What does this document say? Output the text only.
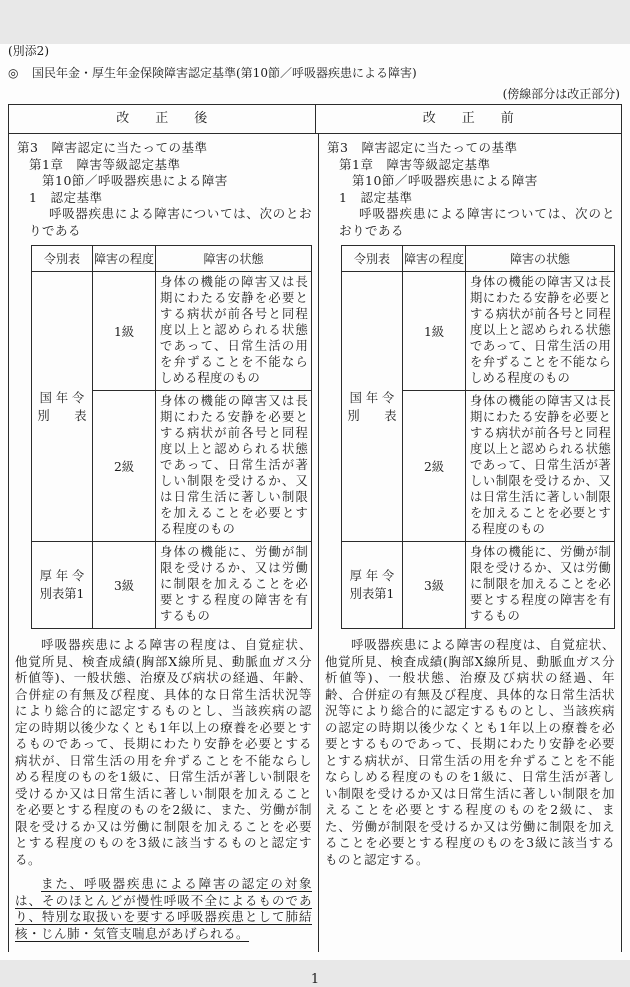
(別添2)
◎	国民年金・厚生年金保険障害認定基準(第10節／呼吸器疾患による障害)
(傍線部分は改正部分)
改　　正　　後	改　　正　　前
第3　障害認定に当たっての基準
第1章　障害等級認定基準
第10節／呼吸器疾患による障害
1　認定基準
呼吸器疾患による障害については、次のとおりである
令別表	障害の程度	障害の状態
国 年 令
別　　表	1級	身体の機能の障害又は長期にわたる安静を必要とする病状が前各号と同程度以上と認められる状態であって、日常生活の用を弁ずることを不能ならしめる程度のもの
	2級	身体の機能の障害又は長期にわたる安静を必要とする病状が前各号と同程度以上と認められる状態であって、日常生活が著しい制限を受けるか、又は日常生活に著しい制限を加えることを必要とする程度のもの
厚 年 令
別表第1	3級	身体の機能に、労働が制限を受けるか、又は労働に制限を加えることを必要とする程度の障害を有するもの

呼吸器疾患による障害の程度は、自覚症状、他覚所見、検査成績(胸部X線所見、動脈血ガス分析値等)、一般状態、治療及び病状の経過、年齢、合併症の有無及び程度、具体的な日常生活状況等により総合的に認定するものとし、当該疾病の認定の時期以後少なくとも1年以上の療養を必要とするものであって、長期にわたり安静を必要とする病状が、日常生活の用を弁ずることを不能ならしめる程度のものを1級に、日常生活が著しい制限を受けるか又は日常生活に著しい制限を加えることを必要とする程度のものを2級に、また、労働が制限を受けるか又は労働に制限を加えることを必要とする程度のものを3級に該当するものと認定する。

また、呼吸器疾患による障害の認定の対象は、そのほとんどが慢性呼吸不全によるものであり、特別な取扱いを要する呼吸器疾患として肺結核・じん肺・気管支喘息があげられる。

第3　障害認定に当たっての基準
第1章　障害等級認定基準
第10節／呼吸器疾患による障害
1　認定基準
呼吸器疾患による障害については、次のとおりである
令別表	障害の程度	障害の状態
国 年 令
別　　表	1級	身体の機能の障害又は長期にわたる安静を必要とする病状が前各号と同程度以上と認められる状態であって、日常生活の用を弁ずることを不能ならしめる程度のもの
	2級	身体の機能の障害又は長期にわたる安静を必要とする病状が前各号と同程度以上と認められる状態であって、日常生活が著しい制限を受けるか、又は日常生活に著しい制限を加えることを必要とする程度のもの
厚 年 令
別表第1	3級	身体の機能に、労働が制限を受けるか、又は労働に制限を加えることを必要とする程度の障害を有するもの

呼吸器疾患による障害の程度は、自覚症状、他覚所見、検査成績(胸部X線所見、動脈血ガス分析値等)、一般状態、治療及び病状の経過、年齢、合併症の有無及び程度、具体的な日常生活状況等により総合的に認定するものとし、当該疾病の認定の時期以後少なくとも1年以上の療養を必要とするものであって、長期にわたり安静を必要とする病状が、日常生活の用を弁ずることを不能ならしめる程度のものを1級に、日常生活が著しい制限を受けるか又は日常生活に著しい制限を加えることを必要とする程度のものを2級に、また、労働が制限を受けるか又は労働に制限を加えることを必要とする程度のものを3級に該当するものと認定する。

1
